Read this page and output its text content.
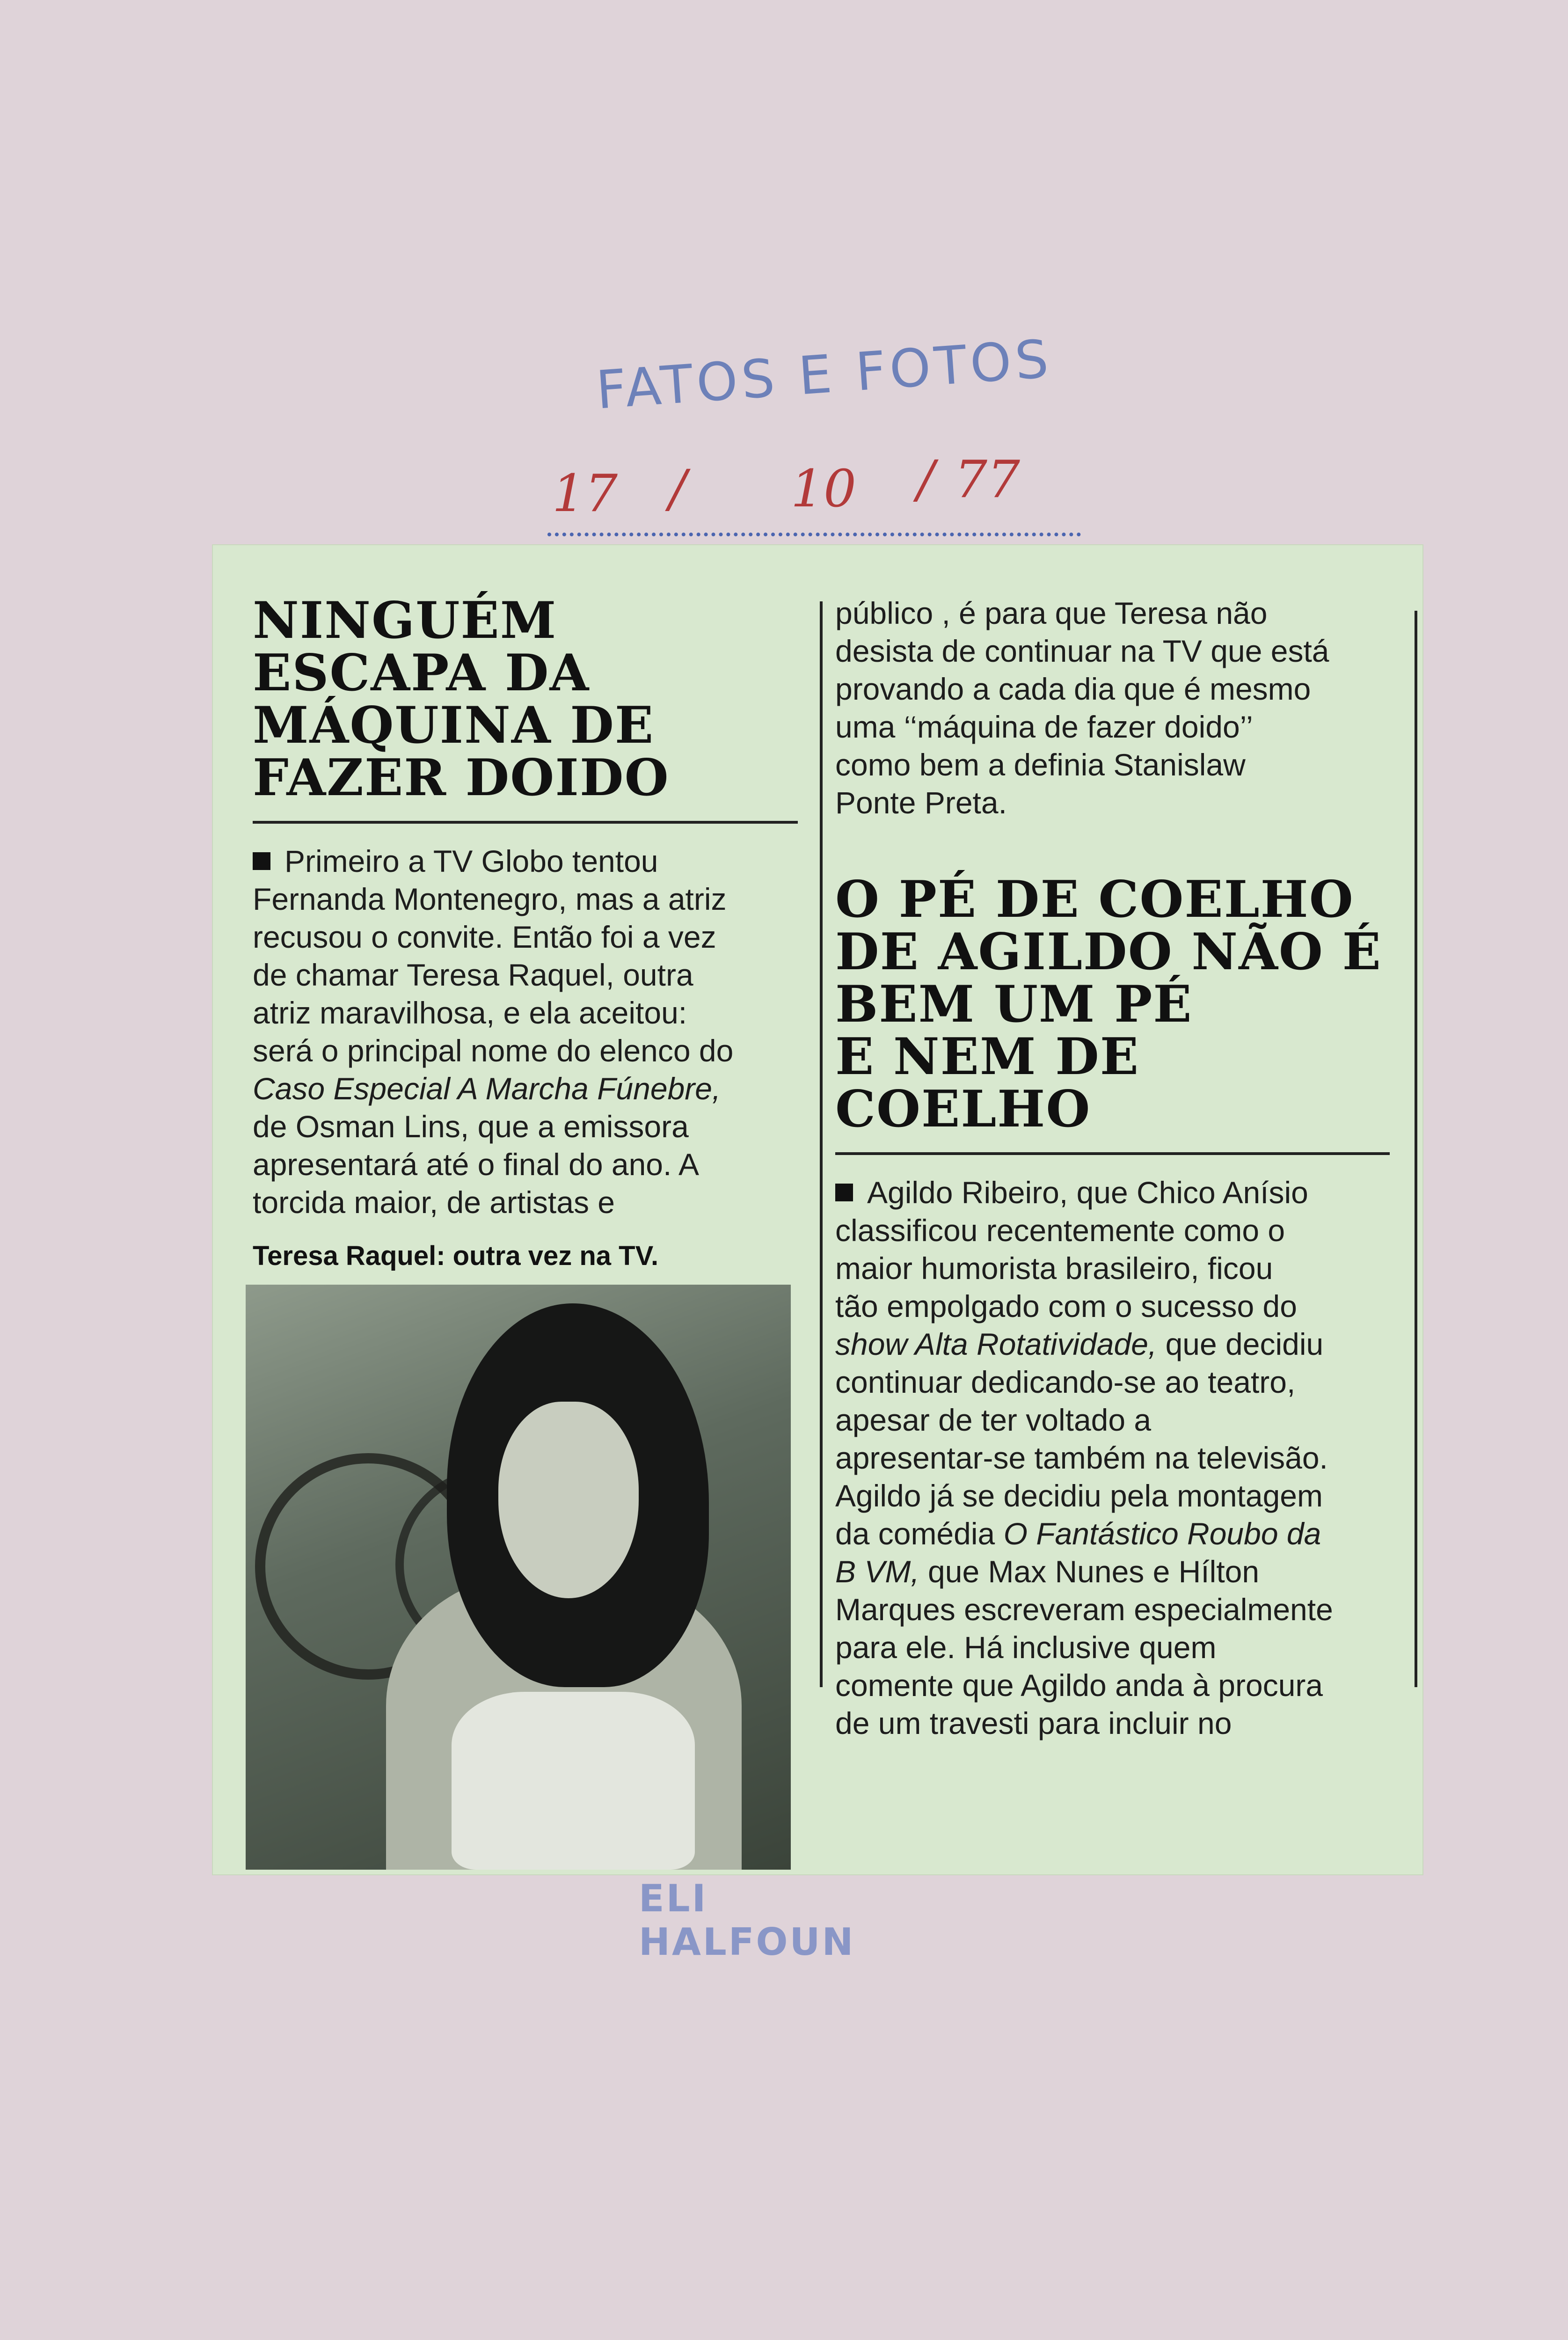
FATOS E FOTOS
17 / 10 / 77
NINGUÉM
ESCAPA DA
MÁQUINA DE
FAZER DOIDO

Primeiro a TV Globo tentou
Fernanda Montenegro, mas a atriz
recusou o convite. Então foi a vez
de chamar Teresa Raquel, outra
atriz maravilhosa, e ela aceitou:
será o principal nome do elenco do
Caso Especial A Marcha Fúnebre,
de Osman Lins, que a emissora
apresentará até o final do ano. A
torcida maior, de artistas e

Teresa Raquel: outra vez na TV.

público , é para que Teresa não
desista de continuar na TV que está
provando a cada dia que é mesmo
uma ‘‘máquina de fazer doido’’
como bem a definia Stanislaw
Ponte Preta.

O PÉ DE COELHO
DE AGILDO NÃO É
BEM UM PÉ
E NEM DE COELHO

Agildo Ribeiro, que Chico Anísio
classificou recentemente como o
maior humorista brasileiro, ficou
tão empolgado com o sucesso do
show Alta Rotatividade, que decidiu
continuar dedicando-se ao teatro,
apesar de ter voltado a
apresentar-se também na televisão.
Agildo já se decidiu pela montagem
da comédia O Fantástico Roubo da
B VM, que Max Nunes e Hílton
Marques escreveram especialmente
para ele. Há inclusive quem
comente que Agildo anda à procura
de um travesti para incluir no

ELI HALFOUN
